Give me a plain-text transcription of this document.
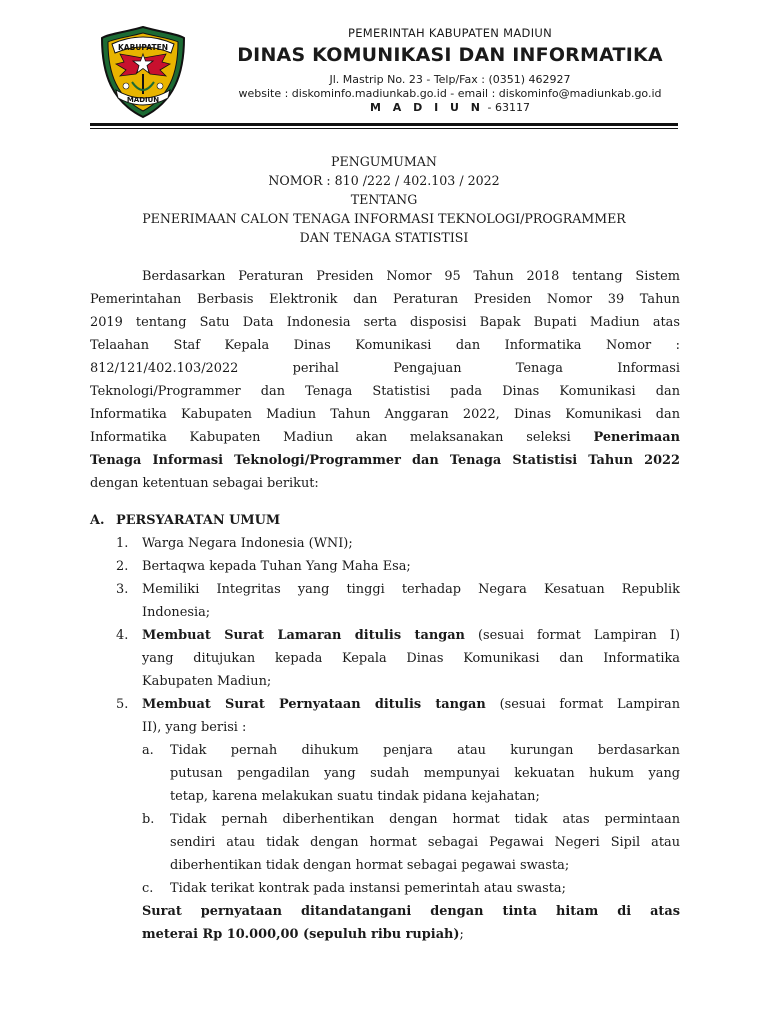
KABUPATEN
MADIUN
PEMERINTAH KABUPATEN MADIUN
DINAS KOMUNIKASI DAN INFORMATIKA
Jl. Mastrip No. 23 - Telp/Fax : (0351) 462927
website : diskominfo.madiunkab.go.id - email : diskominfo@madiunkab.go.id
M A D I U N - 63117
PENGUMUMAN
NOMOR : 810 /222 / 402.103 / 2022
TENTANG
PENERIMAAN CALON TENAGA INFORMASI TEKNOLOGI/PROGRAMMER
DAN TENAGA STATISTISI
Berdasarkan Peraturan Presiden Nomor 95 Tahun 2018 tentang Sistem
Pemerintahan Berbasis Elektronik dan Peraturan Presiden Nomor 39 Tahun
2019 tentang Satu Data Indonesia serta disposisi Bapak Bupati Madiun atas
Telaahan Staf Kepala Dinas Komunikasi dan Informatika Nomor :
812/121/402.103/2022 perihal Pengajuan Tenaga Informasi
Teknologi/Programmer dan Tenaga Statistisi pada Dinas Komunikasi dan
Informatika Kabupaten Madiun Tahun Anggaran 2022, Dinas Komunikasi dan
Informatika Kabupaten Madiun akan melaksanakan seleksi Penerimaan
Tenaga Informasi Teknologi/Programmer dan Tenaga Statistisi Tahun 2022
dengan ketentuan sebagai berikut:
A. PERSYARATAN UMUM
1. Warga Negara Indonesia (WNI);
2. Bertaqwa kepada Tuhan Yang Maha Esa;
3. Memiliki Integritas yang tinggi terhadap Negara Kesatuan Republik
Indonesia;
4. Membuat Surat Lamaran ditulis tangan (sesuai format Lampiran I)
yang ditujukan kepada Kepala Dinas Komunikasi dan Informatika
Kabupaten Madiun;
5. Membuat Surat Pernyataan ditulis tangan (sesuai format Lampiran
II), yang berisi :
a. Tidak pernah dihukum penjara atau kurungan berdasarkan
putusan pengadilan yang sudah mempunyai kekuatan hukum yang
tetap, karena melakukan suatu tindak pidana kejahatan;
b. Tidak pernah diberhentikan dengan hormat tidak atas permintaan
sendiri atau tidak dengan hormat sebagai Pegawai Negeri Sipil atau
diberhentikan tidak dengan hormat sebagai pegawai swasta;
c. Tidak terikat kontrak pada instansi pemerintah atau swasta;
Surat pernyataan ditandatangani dengan tinta hitam di atas
meterai Rp 10.000,00 (sepuluh ribu rupiah);
